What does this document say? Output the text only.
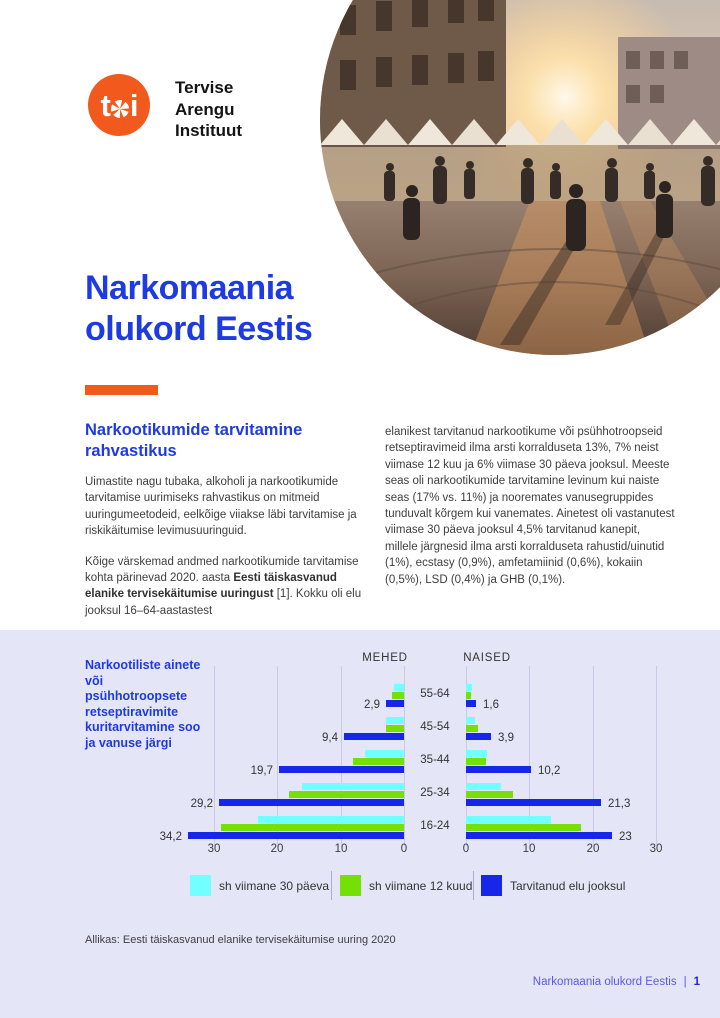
t i Tervise
Arengu
Instituut
Narkomaania
olukord Eestis
Narkootikumide tarvitamine rahvastikus

Uimastite nagu tubaka, alkoholi ja narkootikumide tarvitamise uurimiseks rahvastikus on mitmeid uuringumeetodeid, eelkõige viiakse läbi tarvitamise ja riskikäitumise levimusuuringuid.

Kõige värskemad andmed narkootikumide tarvitamise kohta pärinevad 2020. aasta Eesti täiskasvanud elanike tervisekäitumise uuringust [1]. Kokku oli elu jooksul 16–64-aastastest

elanikest tarvitanud narkootikume või psühhotroopseid retseptiravimeid ilma arsti korralduseta 13%, 7% neist viimase 12 kuu ja 6% viimase 30 päeva jooksul. Meeste seas oli narkootikumide tarvitamine levinum kui naiste seas (17% vs. 11%) ja nooremates vanusegruppides tunduvalt kõrgem kui vanemates. Ainetest oli vastanutest viimase 30 päeva jooksul 4,5% tarvitanud kanepit, millele järgnesid ilma arsti korralduseta rahustid/uinutid (1%), ecstasy (0,9%), amfetamiinid (0,6%), kokaiin (0,5%), LSD (0,4%) ja GHB (0,1%).

Narkootiliste ainete või psühhotroopsete retseptiravimite kuritarvitamine soo ja vanuse järgi
0	0
10	10
20	20
30	30
MEHED	NAISED
55-64
45-54
35-44
25-34
16-24
2,9	1,6
9,4	3,9
19,7	10,2
29,2	21,3
34,2	23
sh viimane 30 päeva	sh viimane 12 kuud	Tarvitanud elu jooksul
Allikas: Eesti täiskasvanud elanike tervisekäitumise uuring 2020
Narkomaania olukord Eestis | 1
